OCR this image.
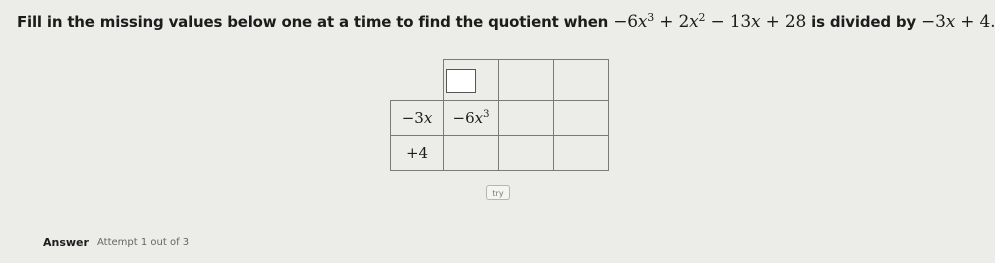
Fill in the missing values below one at a time to find the quotient when $-6x^3 + 2x^2 - 13x + 28$ is divided by −3x + 4.

−3x	$-6x^3$		
+4			
try
Answer Attempt 1 out of 3
